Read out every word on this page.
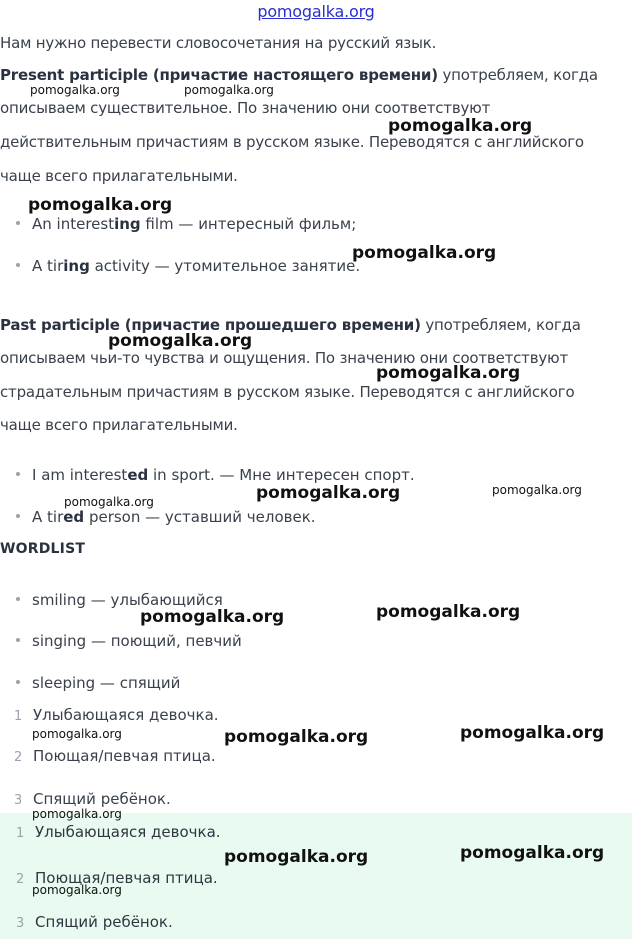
pomogalka.org
Нам нужно перевести словосочетания на русский язык.
Present participle (причастие настоящего времени) употребляем, когда
описываем существительное. По значению они соответствуют
действительным причастиям в русском языке. Переводятся с английского
чаще всего прилагательными.
An interesting film — интересный фильм;
A tiring activity — утомительное занятие.
Past participle (причастие прошедшего времени) употребляем, когда
описываем чьи-то чувства и ощущения. По значению они соответствуют
страдательным причастиям в русском языке. Переводятся с английского
чаще всего прилагательными.
I am interested in sport. — Мне интересен спорт.
A tired person — уставший человек.
WORDLIST
smiling — улыбающийся
singing — поющий, певчий
sleeping — спящий
1 Улыбающаяся девочка.
2 Поющая/певчая птица.
3 Спящий ребёнок.
1 Улыбающаяся девочка.
2 Поющая/певчая птица.
3 Спящий ребёнок.
pomogalka.org	pomogalka.org
pomogalka.org
pomogalka.org
pomogalka.org
pomogalka.org
pomogalka.org
pomogalka.org
pomogalka.org
pomogalka.org
pomogalka.org	pomogalka.org
pomogalka.org	pomogalka.org	pomogalka.org
pomogalka.org
pomogalka.org	pomogalka.org
pomogalka.org
